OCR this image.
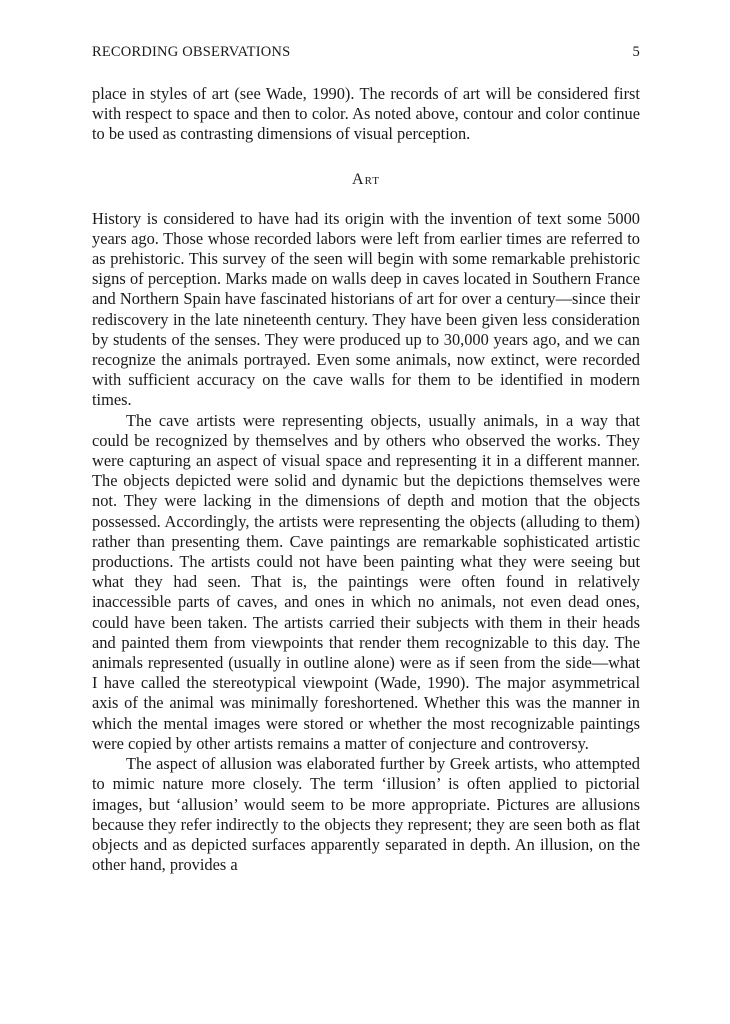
RECORDING OBSERVATIONS	5

place in styles of art (see Wade, 1990). The records of art will be considered first with respect to space and then to color. As noted above, contour and color continue to be used as contrasting dimensions of visual perception.

Art

History is considered to have had its origin with the invention of text some 5000 years ago. Those whose recorded labors were left from earlier times are referred to as prehistoric. This survey of the seen will begin with some remarkable prehistoric signs of perception. Marks made on walls deep in caves located in Southern France and Northern Spain have fascinated historians of art for over a century—since their rediscovery in the late nineteenth century. They have been given less consideration by students of the senses. They were produced up to 30,000 years ago, and we can recognize the animals portrayed. Even some animals, now extinct, were recorded with sufficient accuracy on the cave walls for them to be identified in modern times.

The cave artists were representing objects, usually animals, in a way that could be recognized by themselves and by others who observed the works. They were capturing an aspect of visual space and representing it in a different manner. The objects depicted were solid and dynamic but the depictions themselves were not. They were lacking in the dimensions of depth and motion that the objects possessed. Accordingly, the artists were representing the objects (alluding to them) rather than presenting them. Cave paintings are remarkable sophisticated artistic productions. The artists could not have been painting what they were seeing but what they had seen. That is, the paintings were often found in relatively inaccessible parts of caves, and ones in which no animals, not even dead ones, could have been taken. The artists carried their subjects with them in their heads and painted them from viewpoints that render them recognizable to this day. The animals represented (usually in outline alone) were as if seen from the side—what I have called the stereotypical viewpoint (Wade, 1990). The major asymmetrical axis of the animal was minimally foreshortened. Whether this was the manner in which the mental images were stored or whether the most recognizable paintings were copied by other artists remains a matter of conjecture and controversy.

The aspect of allusion was elaborated further by Greek artists, who attempted to mimic nature more closely. The term ‘illusion’ is often applied to pictorial images, but ‘allusion’ would seem to be more appropriate. Pictures are allusions because they refer indirectly to the objects they represent; they are seen both as flat objects and as depicted surfaces apparently separated in depth. An illusion, on the other hand, provides a
